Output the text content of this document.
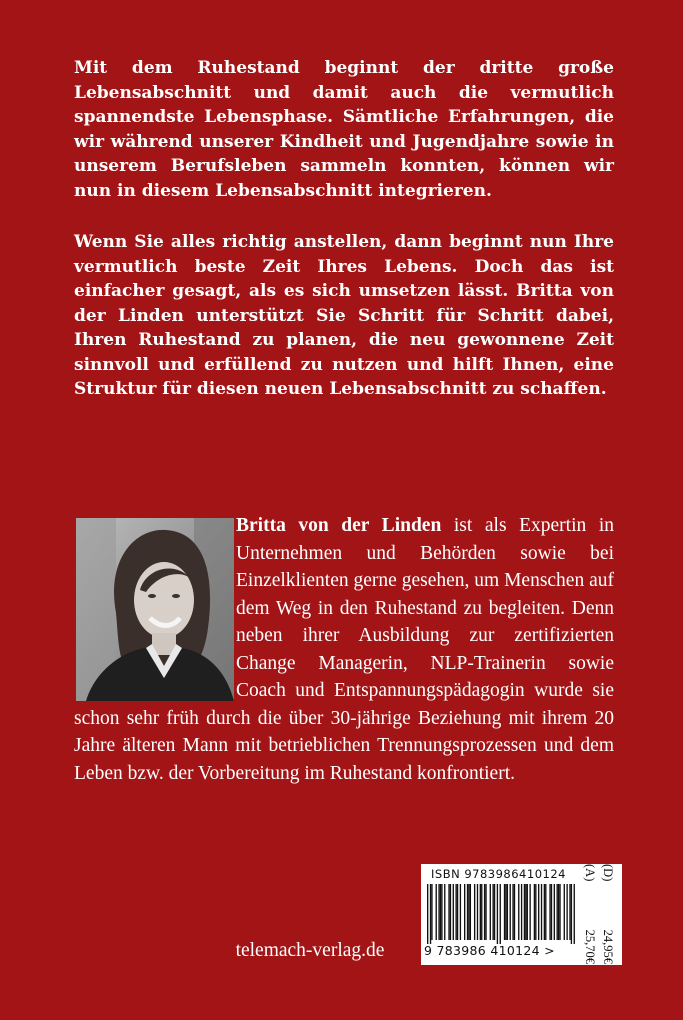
Mit dem Ruhestand beginnt der dritte große Lebensabschnitt und damit auch die vermutlich spannendste Lebensphase. Sämtliche Erfahrungen, die wir während unserer Kindheit und Jugendjahre sowie in unserem Berufsleben sammeln konnten, können wir nun in diesem Lebensabschnitt integrieren.

Wenn Sie alles richtig anstellen, dann beginnt nun Ihre vermutlich beste Zeit Ihres Lebens. Doch das ist einfacher gesagt, als es sich umsetzen lässt. Britta von der Linden unterstützt Sie Schritt für Schritt dabei, Ihren Ruhestand zu planen, die neu gewonnene Zeit sinnvoll und erfüllend zu nutzen und hilft Ihnen, eine Struktur für diesen neuen Lebensabschnitt zu schaffen.

Britta von der Linden ist als Expertin in Unternehmen und Behörden sowie bei Einzelklienten gerne gesehen, um Menschen auf dem Weg in den Ruhestand zu begleiten. Denn neben ihrer Ausbildung zur zertifizierten Change Managerin, NLP-Trainerin sowie Coach und Entspannungspädagogin wurde sie schon sehr früh durch die über 30-jährige Beziehung mit ihrem 20 Jahre älteren Mann mit betrieblichen Trennungsprozessen und dem Leben bzw. der Vorbereitung im Ruhestand konfrontiert.
telemach-verlag.de
ISBN 9783986410124
9 783986 410124 >
(D)
24,95€
(A)
25,70€
